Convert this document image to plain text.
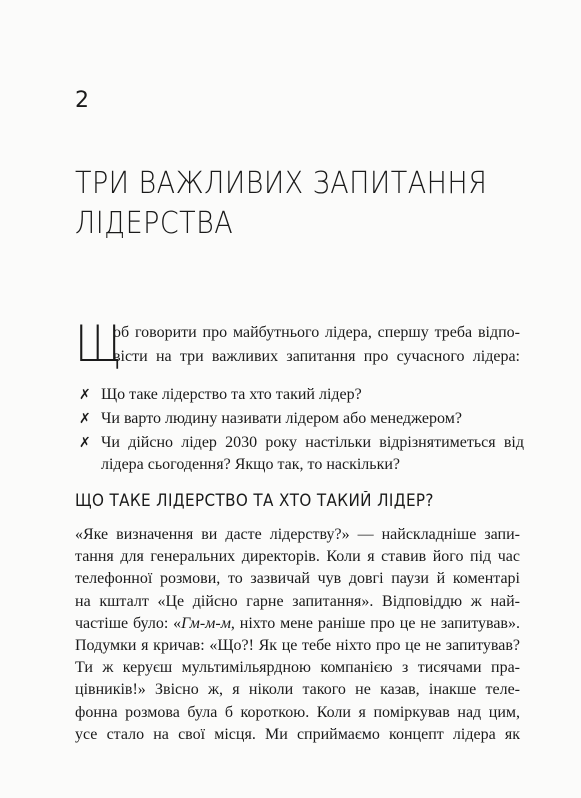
2
ТРИ ВАЖЛИВИХ ЗАПИТАННЯ
ЛІДЕРСТВА
Щ
об говорити про майбутнього лідера, спершу треба відпо-
вісти на три важливих запитання про сучасного лідера:
✗ Що таке лідерство та хто такий лідер?
✗ Чи варто людину називати лідером або менеджером?
✗ Чи дійсно лідер 2030 року настільки відрізнятиметься від лідера сьогодення? Якщо так, то наскільки?
ЩО ТАКЕ ЛІДЕРСТВО ТА ХТО ТАКИЙ ЛІДЕР?
«Яке визначення ви дасте лідерству?» — найскладніше запи-
тання для генеральних директорів. Коли я ставив його під час
телефонної розмови, то зазвичай чув довгі паузи й коментарі
на кшталт «Це дійсно гарне запитання». Відповіддю ж най-
частіше було: «Гм-м-м, ніхто мене раніше про це не запитував».
Подумки я кричав: «Що?! Як це тебе ніхто про це не запитував?
Ти ж керуєш мультимільярдною компанією з тисячами пра-
цівників!» Звісно ж, я ніколи такого не казав, інакше теле-
фонна розмова була б короткою. Коли я поміркував над цим,
усе стало на свої місця. Ми сприймаємо концепт лідера як
